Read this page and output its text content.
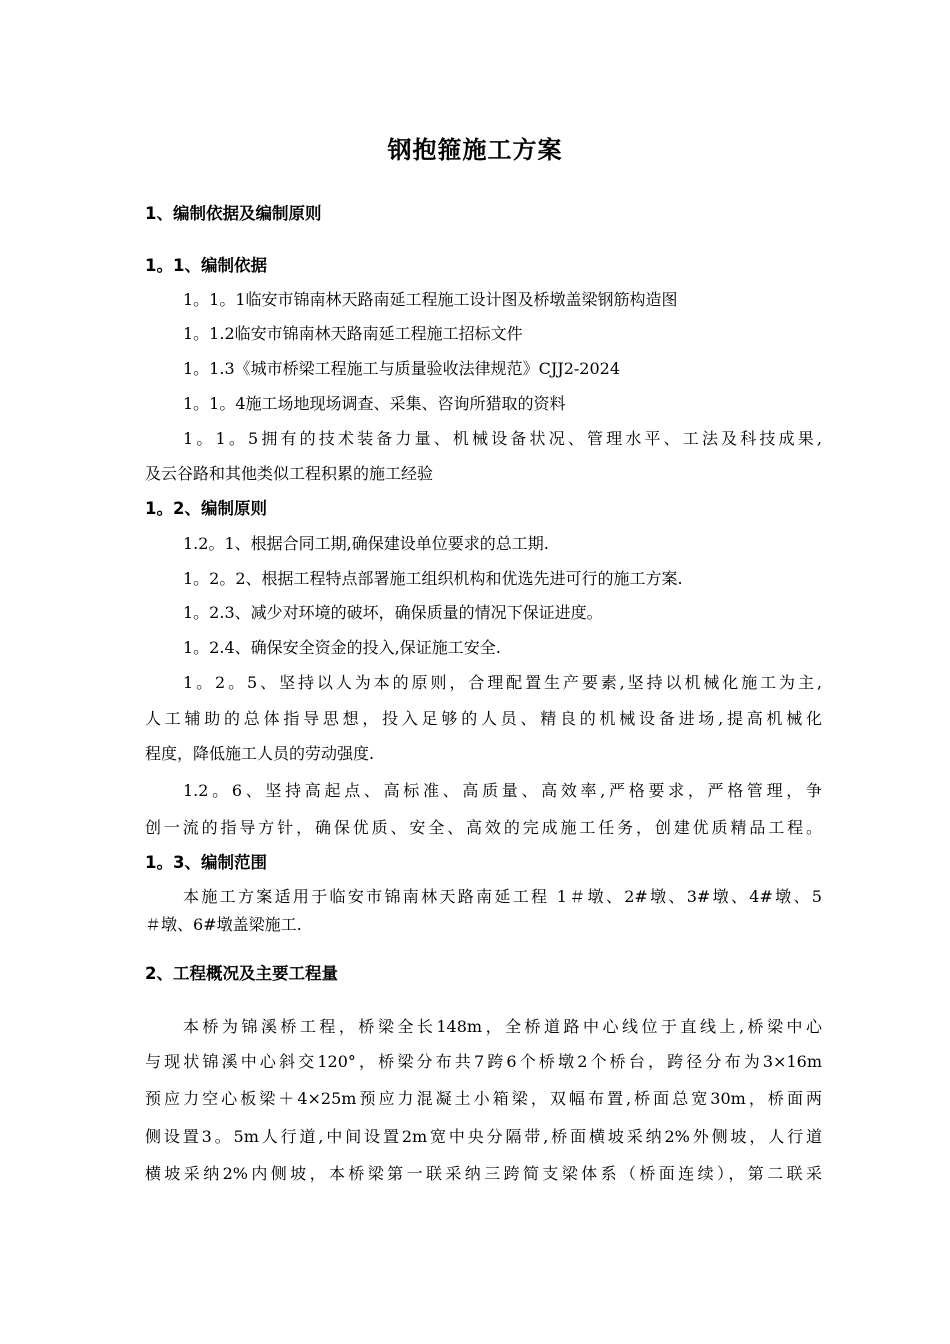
钢抱箍施工方案
1、编制依据及编制原则
1。1、编制依据
1。1。1临安市锦南林天路南延工程施工设计图及桥墩盖梁钢筋构造图
1。1.2临安市锦南林天路南延工程施工招标文件
1。1.3《城市桥梁工程施工与质量验收法律规范》CJJ2-2024
1。1。4施工场地现场调查、采集、咨询所猎取的资料
1。1。5拥有的技术装备力量、机械设备状况、管理水平、工法及科技成果,
及云谷路和其他类似工程积累的施工经验
1。2、编制原则
1.2。1、根据合同工期,确保建设单位要求的总工期.
1。2。2、根据工程特点部署施工组织机构和优选先进可行的施工方案.
1。2.3、减少对环境的破坏，确保质量的情况下保证进度。
1。2.4、确保安全资金的投入,保证施工安全.
1。2。5、坚持以人为本的原则，合理配置生产要素,坚持以机械化施工为主,
人工辅助的总体指导思想，投入足够的人员、精良的机械设备进场,提高机械化
程度，降低施工人员的劳动强度.
1.2。6、坚持高起点、高标准、高质量、高效率,严格要求，严格管理，争
创一流的指导方针，确保优质、安全、高效的完成施工任务，创建优质精品工程。
1。3、编制范围
本施工方案适用于临安市锦南林天路南延工程 1＃墩、2#墩、3#墩、4#墩、5
＃墩、6#墩盖梁施工.
2、工程概况及主要工程量
本桥为锦溪桥工程，桥梁全长148m，全桥道路中心线位于直线上,桥梁中心
与现状锦溪中心斜交120°，桥梁分布共7跨6个桥墩2个桥台，跨径分布为3×16m
预应力空心板梁＋4×25m预应力混凝土小箱梁，双幅布置,桥面总宽30m，桥面两
侧设置3。5m人行道,中间设置2m宽中央分隔带,桥面横坡采纳2%外侧坡，人行道
横坡采纳2%内侧坡，本桥梁第一联采纳三跨简支梁体系（桥面连续），第二联采
